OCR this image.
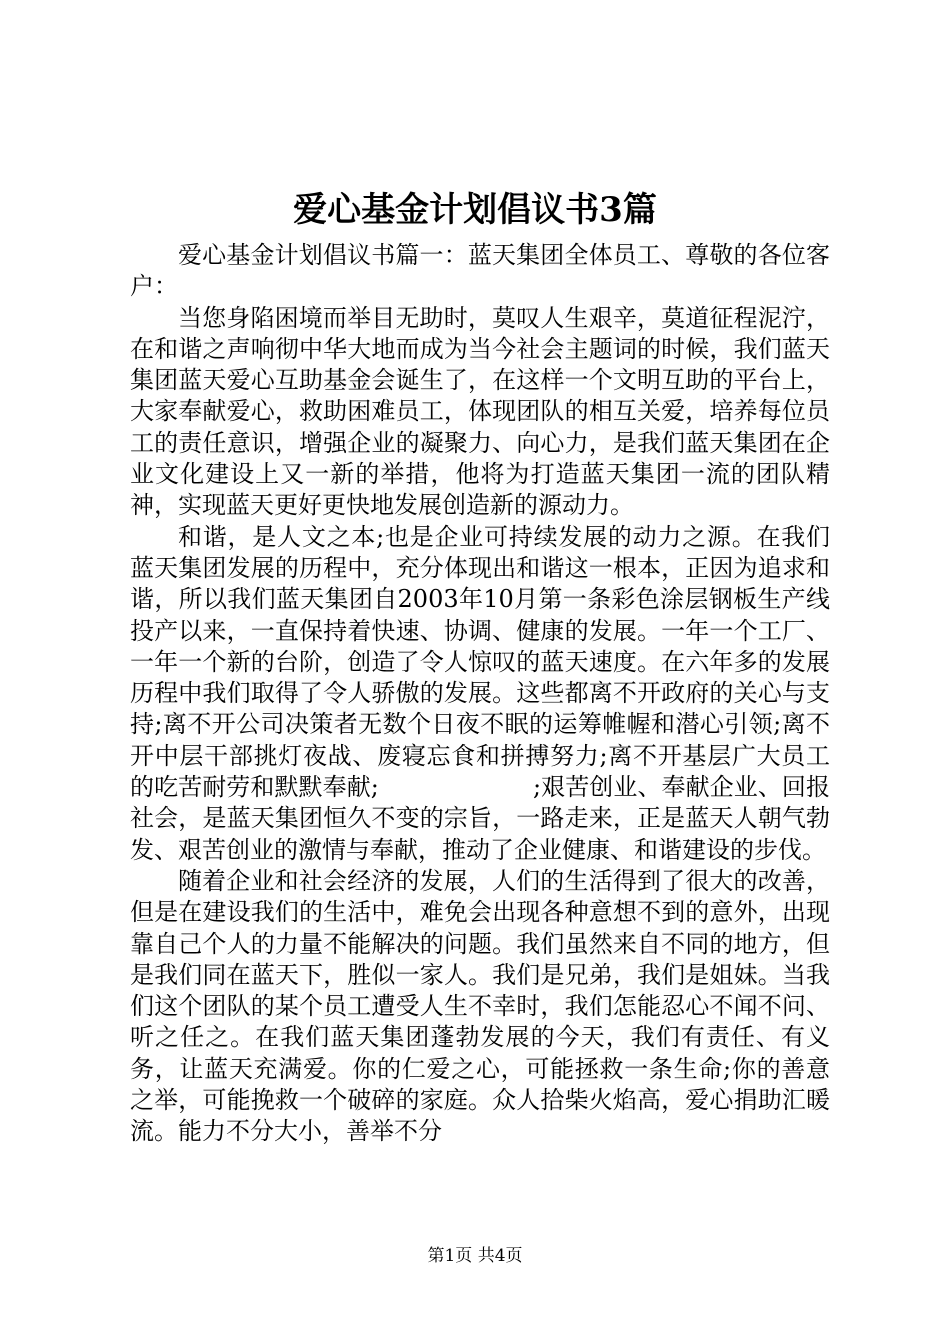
爱心基金计划倡议书3篇

爱心基金计划倡议书篇一：蓝天集团全体员工、尊敬的各位客户：

当您身陷困境而举目无助时，莫叹人生艰辛，莫道征程泥泞，在和谐之声响彻中华大地而成为当今社会主题词的时候，我们蓝天集团蓝天爱心互助基金会诞生了，在这样一个文明互助的平台上，大家奉献爱心，救助困难员工，体现团队的相互关爱，培养每位员工的责任意识，增强企业的凝聚力、向心力，是我们蓝天集团在企业文化建设上又一新的举措，他将为打造蓝天集团一流的团队精神，实现蓝天更好更快地发展创造新的源动力。

和谐，是人文之本;也是企业可持续发展的动力之源。在我们蓝天集团发展的历程中，充分体现出和谐这一根本，正因为追求和谐，所以我们蓝天集团自2003年10月第一条彩色涂层钢板生产线投产以来，一直保持着快速、协调、健康的发展。一年一个工厂、一年一个新的台阶，创造了令人惊叹的蓝天速度。在六年多的发展历程中我们取得了令人骄傲的发展。这些都离不开政府的关心与支持;离不开公司决策者无数个日夜不眠的运筹帷幄和潜心引领;离不开中层干部挑灯夜战、废寝忘食和拼搏努力;离不开基层广大员工的吃苦耐劳和默默奉献;                    ;艰苦创业、奉献企业、回报社会，是蓝天集团恒久不变的宗旨，一路走来，正是蓝天人朝气勃发、艰苦创业的激情与奉献，推动了企业健康、和谐建设的步伐。

随着企业和社会经济的发展，人们的生活得到了很大的改善，但是在建设我们的生活中，难免会出现各种意想不到的意外，出现靠自己个人的力量不能解决的问题。我们虽然来自不同的地方，但是我们同在蓝天下，胜似一家人。我们是兄弟，我们是姐妹。当我们这个团队的某个员工遭受人生不幸时，我们怎能忍心不闻不问、听之任之。在我们蓝天集团蓬勃发展的今天，我们有责任、有义务，让蓝天充满爱。你的仁爱之心，可能拯救一条生命;你的善意之举，可能挽救一个破碎的家庭。众人拾柴火焰高，爱心捐助汇暖流。能力不分大小，善举不分

第1页 共4页
